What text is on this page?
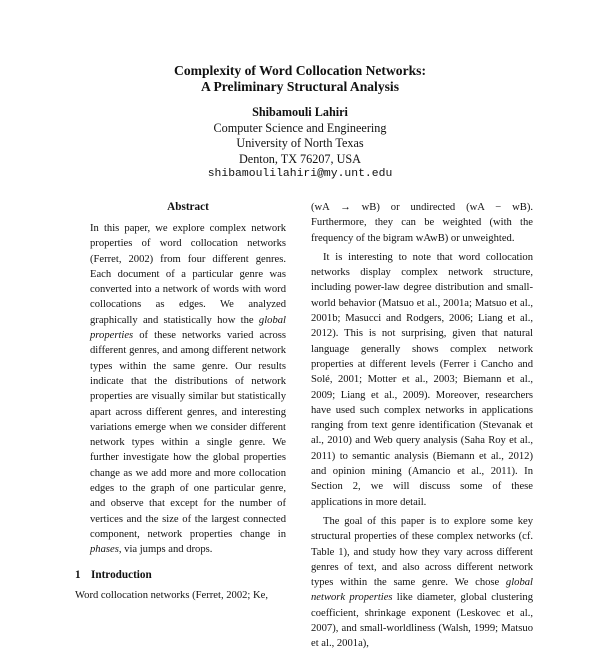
Complexity of Word Collocation Networks:
A Preliminary Structural Analysis
Shibamouli Lahiri
Computer Science and Engineering
University of North Texas
Denton, TX 76207, USA
shibamoulilahiri@my.unt.edu
Abstract

In this paper, we explore complex network properties of word collocation networks (Ferret, 2002) from four different genres. Each document of a particular genre was converted into a network of words with word collocations as edges. We analyzed graphically and statistically how the global properties of these networks varied across different genres, and among different network types within the same genre. Our results indicate that the distributions of network properties are visually similar but statistically apart across different genres, and interesting variations emerge when we consider different network types within a single genre. We further investigate how the global properties change as we add more and more collocation edges to the graph of one particular genre, and observe that except for the number of vertices and the size of the largest connected component, network properties change in phases, via jumps and drops.

1 Introduction

Word collocation networks (Ferret, 2002; Ke,

(wA → wB) or undirected (wA − wB). Furthermore, they can be weighted (with the frequency of the bigram wAwB) or unweighted.

It is interesting to note that word collocation networks display complex network structure, including power-law degree distribution and small-world behavior (Matsuo et al., 2001a; Matsuo et al., 2001b; Masucci and Rodgers, 2006; Liang et al., 2012). This is not surprising, given that natural language generally shows complex network properties at different levels (Ferrer i Cancho and Solé, 2001; Motter et al., 2003; Biemann et al., 2009; Liang et al., 2009). Moreover, researchers have used such complex networks in applications ranging from text genre identification (Stevanak et al., 2010) and Web query analysis (Saha Roy et al., 2011) to semantic analysis (Biemann et al., 2012) and opinion mining (Amancio et al., 2011). In Section 2, we will discuss some of these applications in more detail.

The goal of this paper is to explore some key structural properties of these complex networks (cf. Table 1), and study how they vary across different genres of text, and also across different network types within the same genre. We chose global network properties like diameter, global clustering coefficient, shrinkage exponent (Leskovec et al., 2007), and small-worldliness (Walsh, 1999; Matsuo et al., 2001a),
